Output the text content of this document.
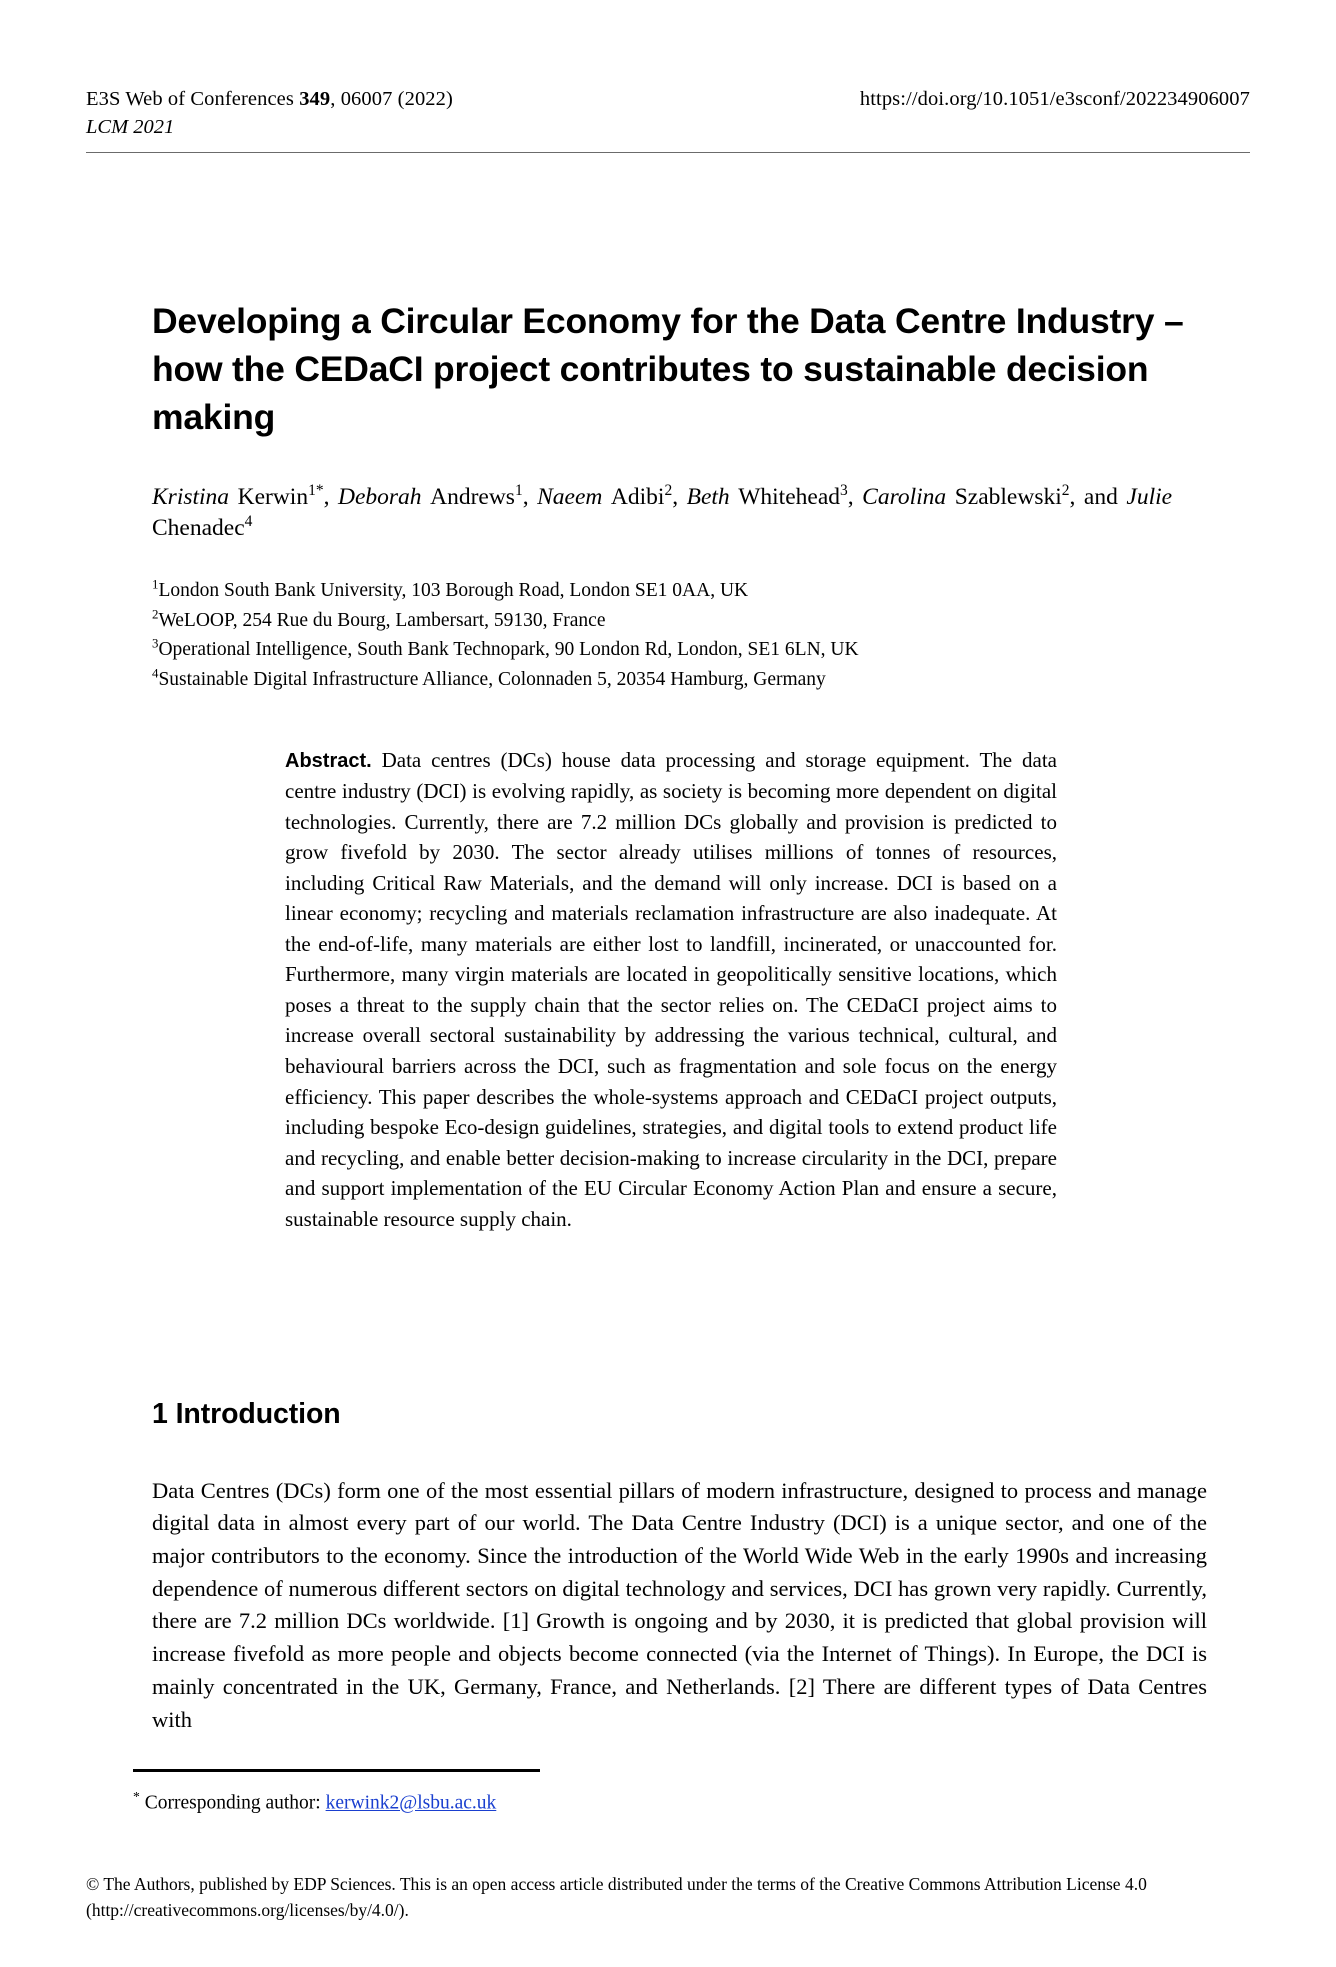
E3S Web of Conferences 349, 06007 (2022)	https://doi.org/10.1051/e3sconf/202234906007
LCM 2021
Developing a Circular Economy for the Data Centre Industry – how the CEDaCI project contributes to sustainable decision making
Kristina Kerwin$^{1*}$, Deborah Andrews$^1$, Naeem Adibi$^2$, Beth Whitehead$^3$, Carolina Szablewski$^2$, and Julie Chenadec$^4$
$^1$London South Bank University, 103 Borough Road, London SE1 0AA, UK
$^2$WeLOOP, 254 Rue du Bourg, Lambersart, 59130, France
$^3$Operational Intelligence, South Bank Technopark, 90 London Rd, London, SE1 6LN, UK
$^4$Sustainable Digital Infrastructure Alliance, Colonnaden 5, 20354 Hamburg, Germany
Abstract. Data centres (DCs) house data processing and storage equipment. The data centre industry (DCI) is evolving rapidly, as society is becoming more dependent on digital technologies. Currently, there are 7.2 million DCs globally and provision is predicted to grow fivefold by 2030. The sector already utilises millions of tonnes of resources, including Critical Raw Materials, and the demand will only increase. DCI is based on a linear economy; recycling and materials reclamation infrastructure are also inadequate. At the end-of-life, many materials are either lost to landfill, incinerated, or unaccounted for. Furthermore, many virgin materials are located in geopolitically sensitive locations, which poses a threat to the supply chain that the sector relies on. The CEDaCI project aims to increase overall sectoral sustainability by addressing the various technical, cultural, and behavioural barriers across the DCI, such as fragmentation and sole focus on the energy efficiency. This paper describes the whole-systems approach and CEDaCI project outputs, including bespoke Eco-design guidelines, strategies, and digital tools to extend product life and recycling, and enable better decision-making to increase circularity in the DCI, prepare and support implementation of the EU Circular Economy Action Plan and ensure a secure, sustainable resource supply chain.
1 Introduction

Data Centres (DCs) form one of the most essential pillars of modern infrastructure, designed to process and manage digital data in almost every part of our world. The Data Centre Industry (DCI) is a unique sector, and one of the major contributors to the economy. Since the introduction of the World Wide Web in the early 1990s and increasing dependence of numerous different sectors on digital technology and services, DCI has grown very rapidly. Currently, there are 7.2 million DCs worldwide. [1] Growth is ongoing and by 2030, it is predicted that global provision will increase fivefold as more people and objects become connected (via the Internet of Things). In Europe, the DCI is mainly concentrated in the UK, Germany, France, and Netherlands. [2] There are different types of Data Centres with

* Corresponding author: kerwink2@lsbu.ac.uk
© The Authors, published by EDP Sciences. This is an open access article distributed under the terms of the Creative Commons Attribution License 4.0 (http://creativecommons.org/licenses/by/4.0/).
